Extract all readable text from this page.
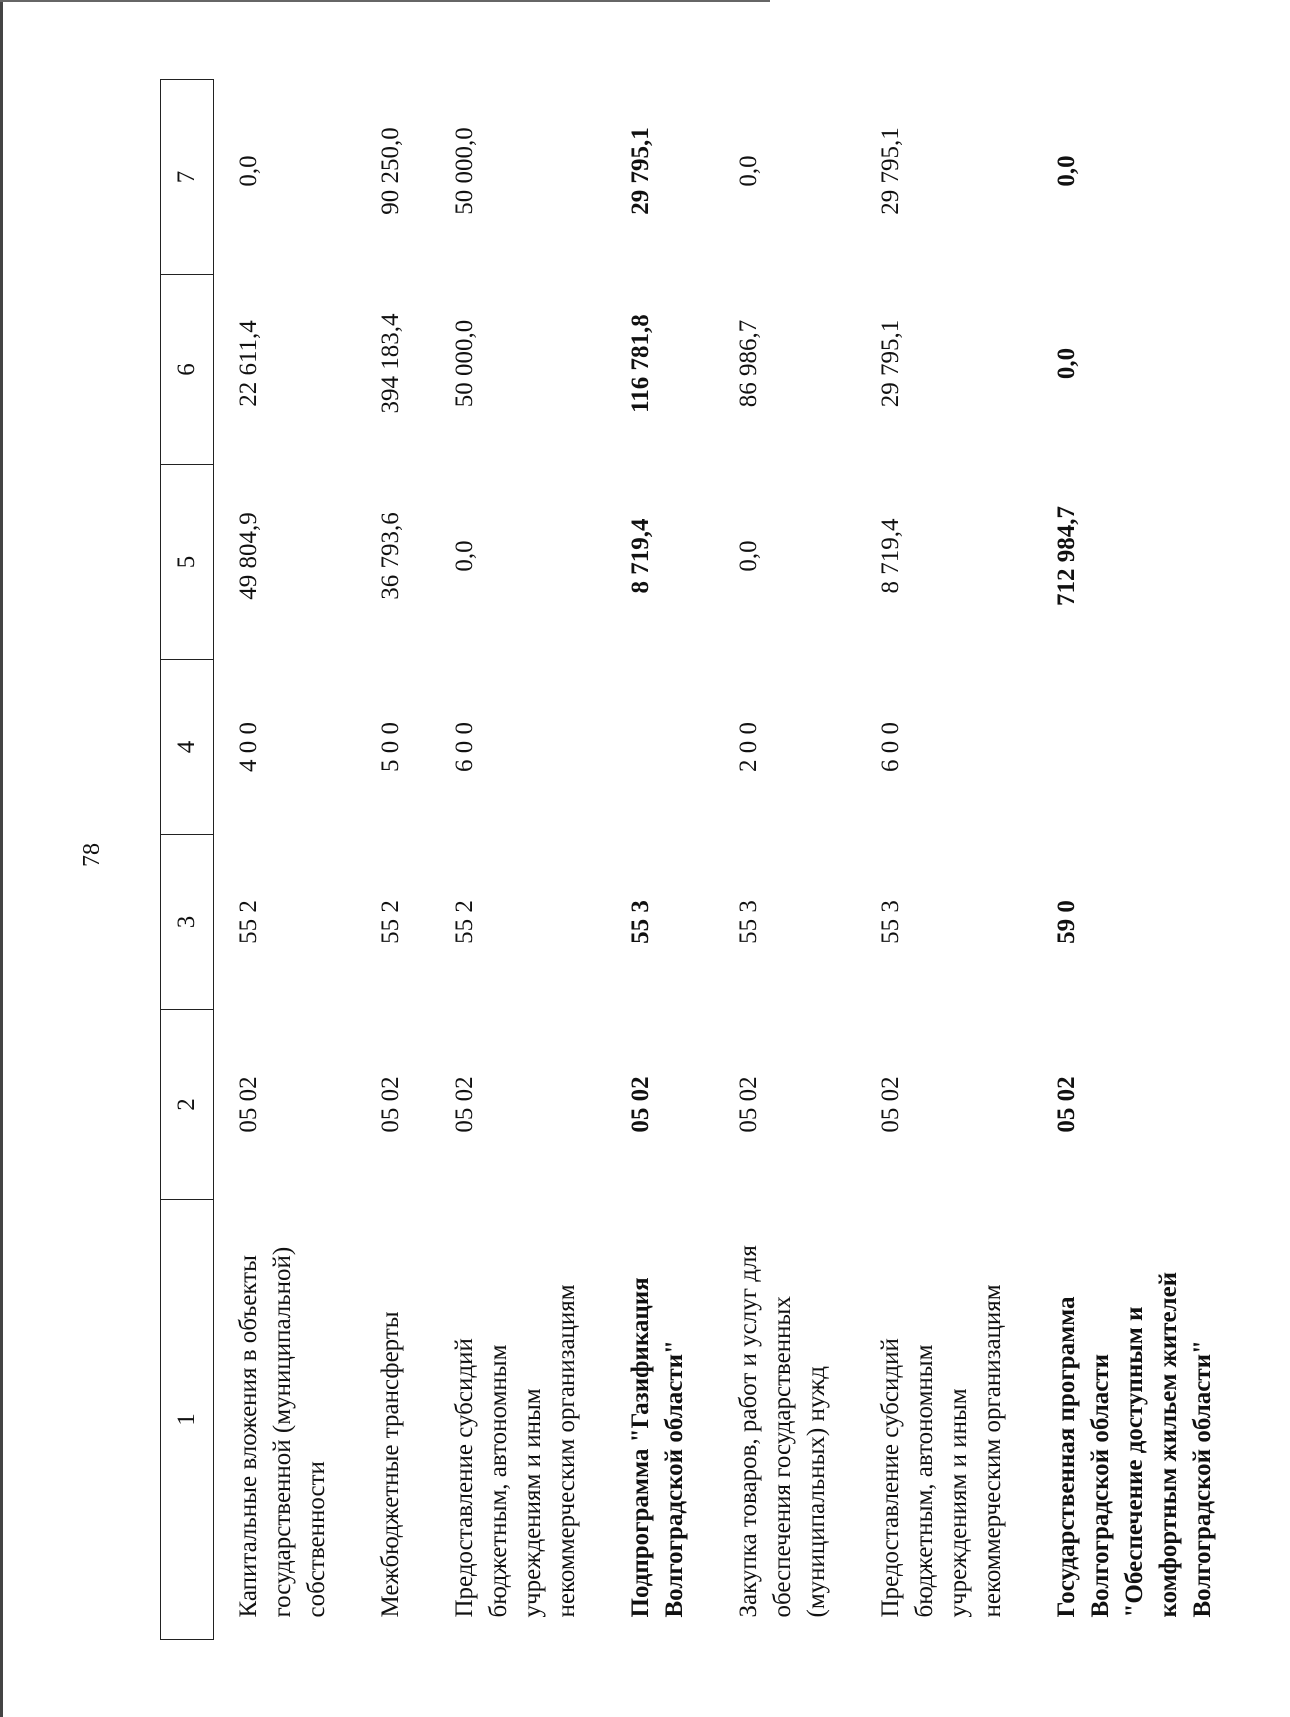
78
1	2	3	4	5	6	7
Капитальные вложения в объекты государственной (муниципальной) собственности	05 02	55 2	4 0 0	49 804,9	22 611,4	0,0
Межбюджетные трансферты	05 02	55 2	5 0 0	36 793,6	394 183,4	90 250,0
Предоставление субсидий бюджетным, автономным учреждениям и иным некоммерческим организациям	05 02	55 2	6 0 0	0,0	50 000,0	50 000,0
Подпрограмма "Газификация Волгоградской области"	05 02	55 3		8 719,4	116 781,8	29 795,1
Закупка товаров, работ и услуг для обеспечения государственных (муниципальных) нужд	05 02	55 3	2 0 0	0,0	86 986,7	0,0
Предоставление субсидий бюджетным, автономным учреждениям и иным некоммерческим организациям	05 02	55 3	6 0 0	8 719,4	29 795,1	29 795,1
Государственная программа Волгоградской области "Обеспечение доступным и комфортным жильем жителей Волгоградской области"	05 02	59 0		712 984,7	0,0	0,0
